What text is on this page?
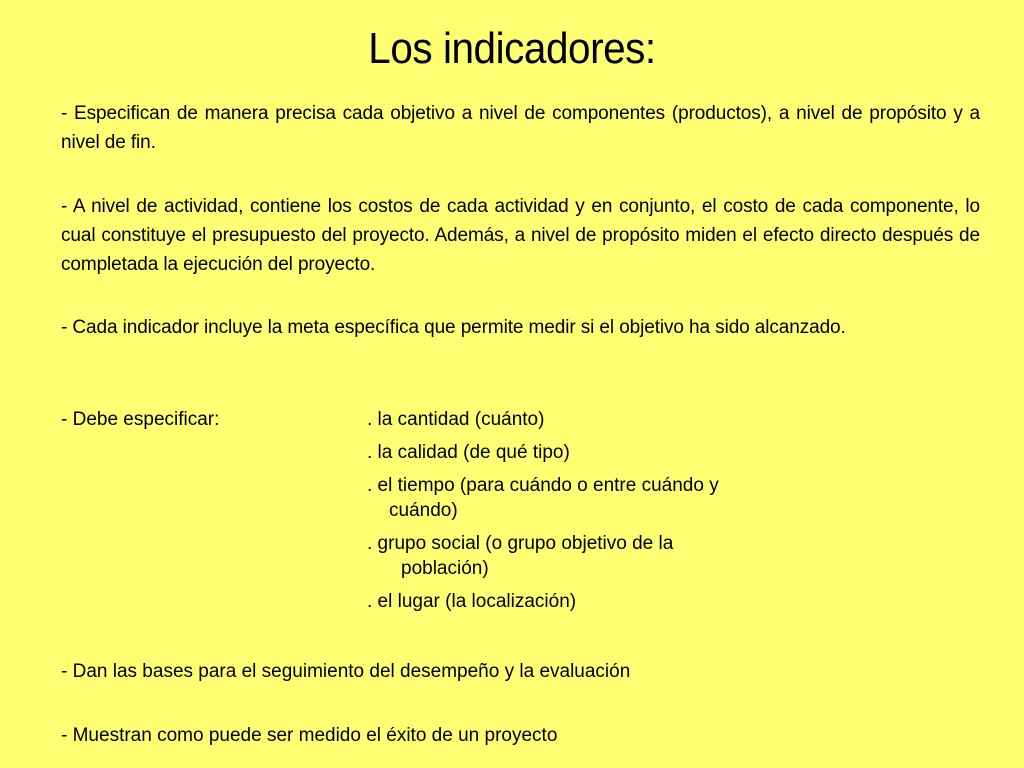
Los indicadores:
- Especifican de manera precisa cada objetivo a nivel de componentes (productos), a nivel de propósito y a nivel de fin.
- A nivel de actividad, contiene los costos de cada actividad y en conjunto, el costo de cada componente, lo cual constituye el presupuesto del proyecto. Además, a nivel de propósito miden el efecto directo después de completada la ejecución del proyecto.
- Cada indicador incluye la meta específica que permite medir si el objetivo ha sido alcanzado.
- Debe especificar:	. la cantidad (cuánto)
. la calidad (de qué tipo)
. el tiempo (para cuándo o entre cuándo y
cuándo)
. grupo social (o grupo objetivo de la
población)
. el lugar (la localización)
- Dan las bases para el seguimiento del desempeño y la evaluación
- Muestran como puede ser medido el éxito de un proyecto
